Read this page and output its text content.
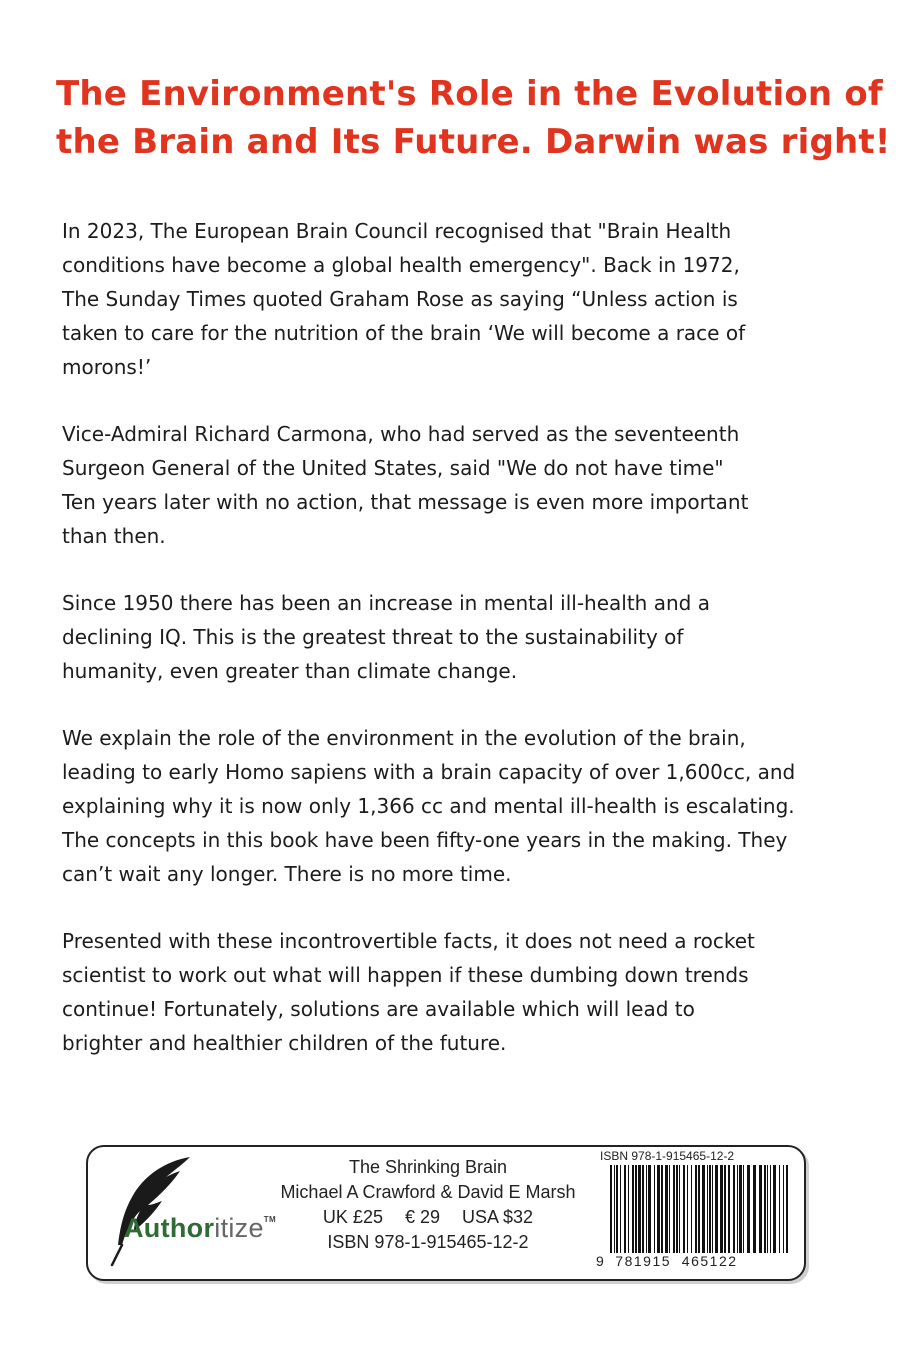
The Environment's Role in the Evolution of
the Brain and Its Future. Darwin was right!

In 2023, The European Brain Council recognised that "Brain Health
conditions have become a global health emergency". Back in 1972,
The Sunday Times quoted Graham Rose as saying “Unless action is
taken to care for the nutrition of the brain ‘We will become a race of
morons!’

Vice-Admiral Richard Carmona, who had served as the seventeenth
Surgeon General of the United States, said "We do not have time"
Ten years later with no action, that message is even more important
than then.

Since 1950 there has been an increase in mental ill-health and a
declining IQ. This is the greatest threat to the sustainability of
humanity, even greater than climate change.

We explain the role of the environment in the evolution of the brain,
leading to early Homo sapiens with a brain capacity of over 1,600cc, and
explaining why it is now only 1,366 cc and mental ill-health is escalating.
The concepts in this book have been fifty-one years in the making. They
can’t wait any longer. There is no more time.

Presented with these incontrovertible facts, it does not need a rocket
scientist to work out what will happen if these dumbing down trends
continue! Fortunately, solutions are available which will lead to
brighter and healthier children of the future.

Authoritize™
The Shrinking Brain
Michael A Crawford & David E Marsh
UK £25 € 29 USA $32
ISBN 978-1-915465-12-2
ISBN 978-1-915465-12-2
9 781915 465122
